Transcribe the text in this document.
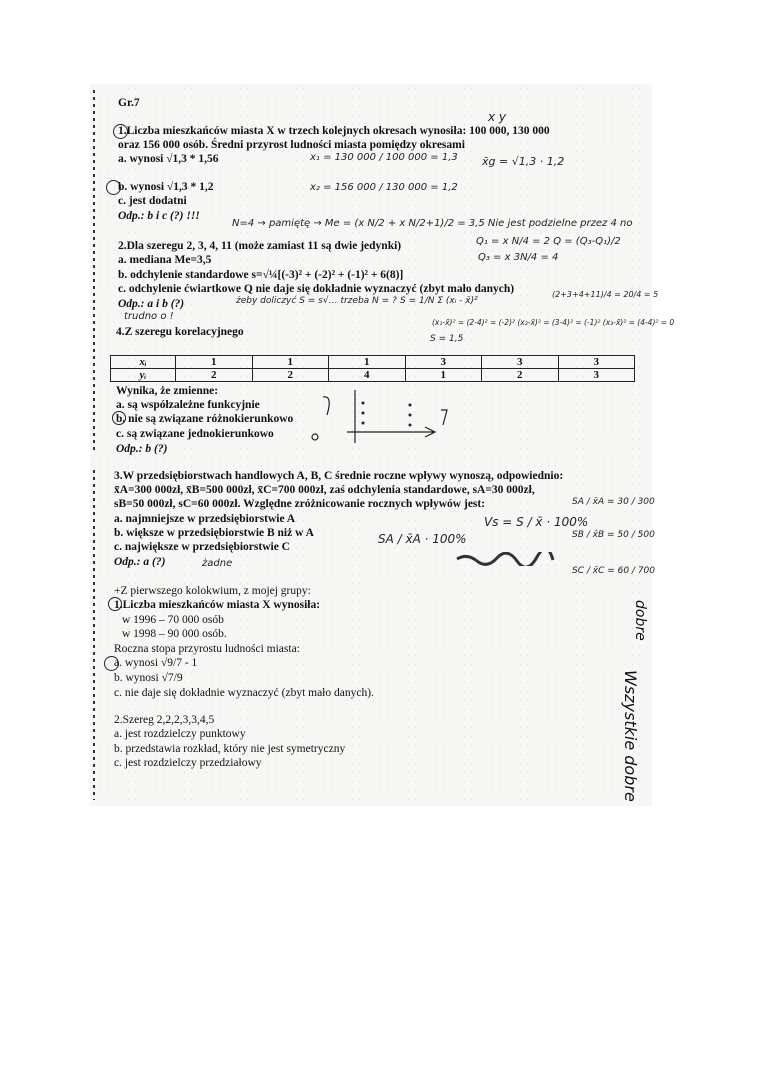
Gr.7
x y
1.Liczba mieszkańców miasta X w trzech kolejnych okresach wynosiła: 100 000, 130 000
oraz 156 000 osób. Średni przyrost ludności miasta pomiędzy okresami
a. wynosi √1,3 * 1,56	x₁ = 130 000 / 100 000 = 1,3 x̄g = √1,3 · 1,2
b. wynosi √1,3 * 1,2	x₂ = 156 000 / 130 000 = 1,2
c. jest dodatni
Odp.: b i c (?) !!!
N=4 → pamiętę → Me = (x N/2 + x N/2+1)/2 = 3,5 Nie jest podzielne przez 4 no
2.Dla szeregu 2, 3, 4, 11 (może zamiast 11 są dwie jedynki)	Q₁ = x N/4 = 2 Q = (Q₃-Q₁)/2
a. mediana Me=3,5	Q₃ = x 3N/4 = 4
b. odchylenie standardowe s=√¼[(-3)² + (-2)² + (-1)² + 6(8)]
c. odchylenie ćwiartkowe Q nie daje się dokładnie wyznaczyć (zbyt mało danych)
Odp.: a i b (?)	żeby doliczyć S = s√… trzeba N = ? S = 1/N Σ (xᵢ - x̄)²
(2+3+4+11)/4 = 20/4 = 5
trudno o !
(x₁-x̄)² = (2-4)² = (-2)² (x₂-x̄)² = (3-4)² = (-1)² (x₃-x̄)² = (4-4)² = 0
S = 1,5
4.Z szeregu korelacyjnego
xᵢ	1	1	1	3	3	3
yᵢ	2	2	4	1	2	3
Wynika, że zmienne:
a. są współzależne funkcyjnie
b. nie są związane różnokierunkowo
c. są związane jednokierunkowo
Odp.: b (?)
3.W przedsiębiorstwach handlowych A, B, C średnie roczne wpływy wynoszą, odpowiednio:
x̄A=300 000zł, x̄B=500 000zł, x̄C=700 000zł, zaś odchylenia standardowe, sA=30 000zł,
sB=50 000zł, sC=60 000zł. Względne zróżnicowanie rocznych wpływów jest:
a. najmniejsze w przedsiębiorstwie A	Vs = S / x̄ · 100%
b. większe w przedsiębiorstwie B niż w A	SA / x̄A · 100%
c. największe w przedsiębiorstwie C
Odp.: a (?)	żadne
SA / x̄A = 30 / 300
SB / x̄B = 50 / 500
SC / x̄C = 60 / 700
+Z pierwszego kolokwium, z mojej grupy:
1.Liczba mieszkańców miasta X wynosiła:
w 1996 – 70 000 osób
w 1998 – 90 000 osób.
Roczna stopa przyrostu ludności miasta:
a. wynosi √9/7 - 1
b. wynosi √7/9
c. nie daje się dokładnie wyznaczyć (zbyt mało danych).
2.Szereg 2,2,2,3,3,4,5
a. jest rozdzielczy punktowy
b. przedstawia rozkład, który nie jest symetryczny
c. jest rozdzielczy przedziałowy
dobre
Wszystkie dobre
